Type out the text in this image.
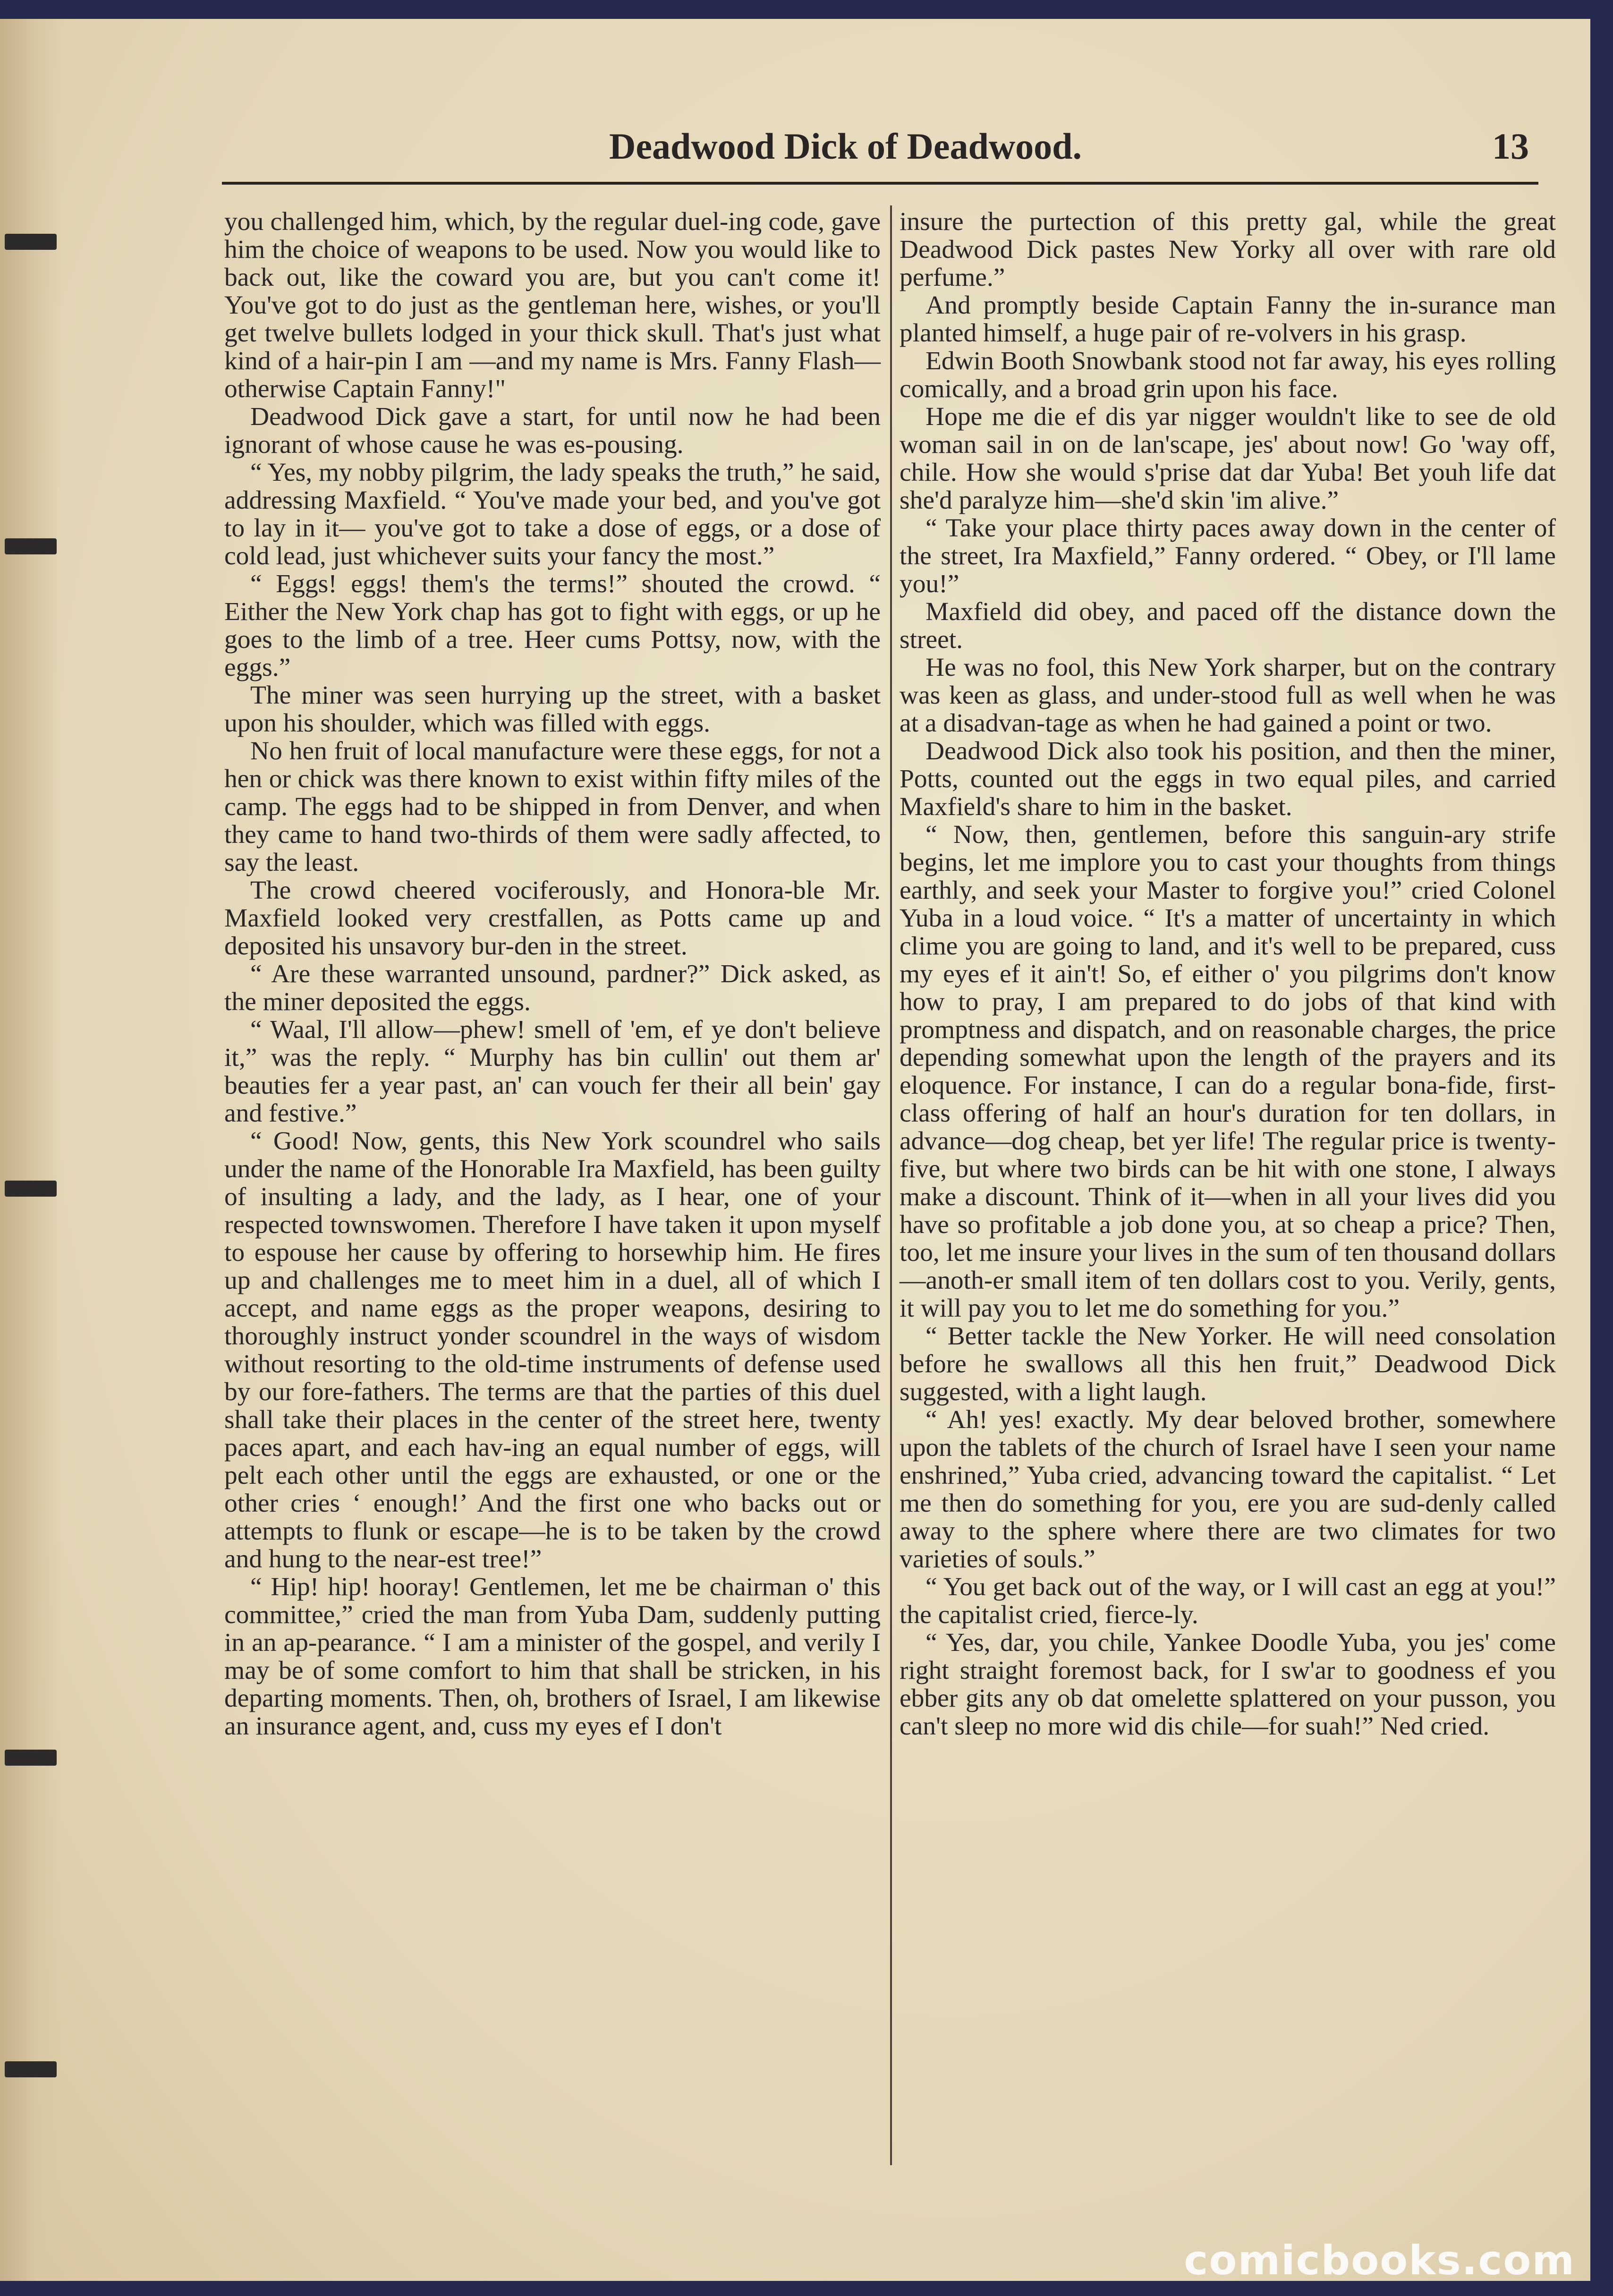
Deadwood Dick of Deadwood.	13

you challenged him, which, by the regular duel-ing code, gave him the choice of weapons to be used. Now you would like to back out, like the coward you are, but you can't come it! You've got to do just as the gentleman here, wishes, or you'll get twelve bullets lodged in your thick skull. That's just what kind of a hair-pin I am —and my name is Mrs. Fanny Flash—otherwise Captain Fanny!"

Deadwood Dick gave a start, for until now he had been ignorant of whose cause he was es-pousing.

“ Yes, my nobby pilgrim, the lady speaks the truth,” he said, addressing Maxfield. “ You've made your bed, and you've got to lay in it— you've got to take a dose of eggs, or a dose of cold lead, just whichever suits your fancy the most.”

“ Eggs! eggs! them's the terms!” shouted the crowd. “ Either the New York chap has got to fight with eggs, or up he goes to the limb of a tree. Heer cums Pottsy, now, with the eggs.”

The miner was seen hurrying up the street, with a basket upon his shoulder, which was filled with eggs.

No hen fruit of local manufacture were these eggs, for not a hen or chick was there known to exist within fifty miles of the camp. The eggs had to be shipped in from Denver, and when they came to hand two-thirds of them were sadly affected, to say the least.

The crowd cheered vociferously, and Honora-ble Mr. Maxfield looked very crestfallen, as Potts came up and deposited his unsavory bur-den in the street.

“ Are these warranted unsound, pardner?” Dick asked, as the miner deposited the eggs.

“ Waal, I'll allow—phew! smell of 'em, ef ye don't believe it,” was the reply. “ Murphy has bin cullin' out them ar' beauties fer a year past, an' can vouch fer their all bein' gay and festive.”

“ Good! Now, gents, this New York scoundrel who sails under the name of the Honorable Ira Maxfield, has been guilty of insulting a lady, and the lady, as I hear, one of your respected townswomen. Therefore I have taken it upon myself to espouse her cause by offering to horsewhip him. He fires up and challenges me to meet him in a duel, all of which I accept, and name eggs as the proper weapons, desiring to thoroughly instruct yonder scoundrel in the ways of wisdom without resorting to the old-time instruments of defense used by our fore-fathers. The terms are that the parties of this duel shall take their places in the center of the street here, twenty paces apart, and each hav-ing an equal number of eggs, will pelt each other until the eggs are exhausted, or one or the other cries ‘ enough!’ And the first one who backs out or attempts to flunk or escape—he is to be taken by the crowd and hung to the near-est tree!”

“ Hip! hip! hooray! Gentlemen, let me be chairman o' this committee,” cried the man from Yuba Dam, suddenly putting in an ap-pearance. “ I am a minister of the gospel, and verily I may be of some comfort to him that shall be stricken, in his departing moments. Then, oh, brothers of Israel, I am likewise an insurance agent, and, cuss my eyes ef I don't

insure the purtection of this pretty gal, while the great Deadwood Dick pastes New Yorky all over with rare old perfume.”

And promptly beside Captain Fanny the in-surance man planted himself, a huge pair of re-volvers in his grasp.

Edwin Booth Snowbank stood not far away, his eyes rolling comically, and a broad grin upon his face.

Hope me die ef dis yar nigger wouldn't like to see de old woman sail in on de lan'scape, jes' about now! Go 'way off, chile. How she would s'prise dat dar Yuba! Bet youh life dat she'd paralyze him—she'd skin 'im alive.”

“ Take your place thirty paces away down in the center of the street, Ira Maxfield,” Fanny ordered. “ Obey, or I'll lame you!”

Maxfield did obey, and paced off the distance down the street.

He was no fool, this New York sharper, but on the contrary was keen as glass, and under-stood full as well when he was at a disadvan-tage as when he had gained a point or two.

Deadwood Dick also took his position, and then the miner, Potts, counted out the eggs in two equal piles, and carried Maxfield's share to him in the basket.

“ Now, then, gentlemen, before this sanguin-ary strife begins, let me implore you to cast your thoughts from things earthly, and seek your Master to forgive you!” cried Colonel Yuba in a loud voice. “ It's a matter of uncertainty in which clime you are going to land, and it's well to be prepared, cuss my eyes ef it ain't! So, ef either o' you pilgrims don't know how to pray, I am prepared to do jobs of that kind with promptness and dispatch, and on reasonable charges, the price depending somewhat upon the length of the prayers and its eloquence. For instance, I can do a regular bona-fide, first-class offering of half an hour's duration for ten dollars, in advance—dog cheap, bet yer life! The regular price is twenty-five, but where two birds can be hit with one stone, I always make a discount. Think of it—when in all your lives did you have so profitable a job done you, at so cheap a price? Then, too, let me insure your lives in the sum of ten thousand dollars—anoth-er small item of ten dollars cost to you. Verily, gents, it will pay you to let me do something for you.”

“ Better tackle the New Yorker. He will need consolation before he swallows all this hen fruit,” Deadwood Dick suggested, with a light laugh.

“ Ah! yes! exactly. My dear beloved brother, somewhere upon the tablets of the church of Israel have I seen your name enshrined,” Yuba cried, advancing toward the capitalist. “ Let me then do something for you, ere you are sud-denly called away to the sphere where there are two climates for two varieties of souls.”

“ You get back out of the way, or I will cast an egg at you!” the capitalist cried, fierce-ly.

“ Yes, dar, you chile, Yankee Doodle Yuba, you jes' come right straight foremost back, for I sw'ar to goodness ef you ebber gits any ob dat omelette splattered on your pusson, you can't sleep no more wid dis chile—for suah!” Ned cried.

comicbooks.com
